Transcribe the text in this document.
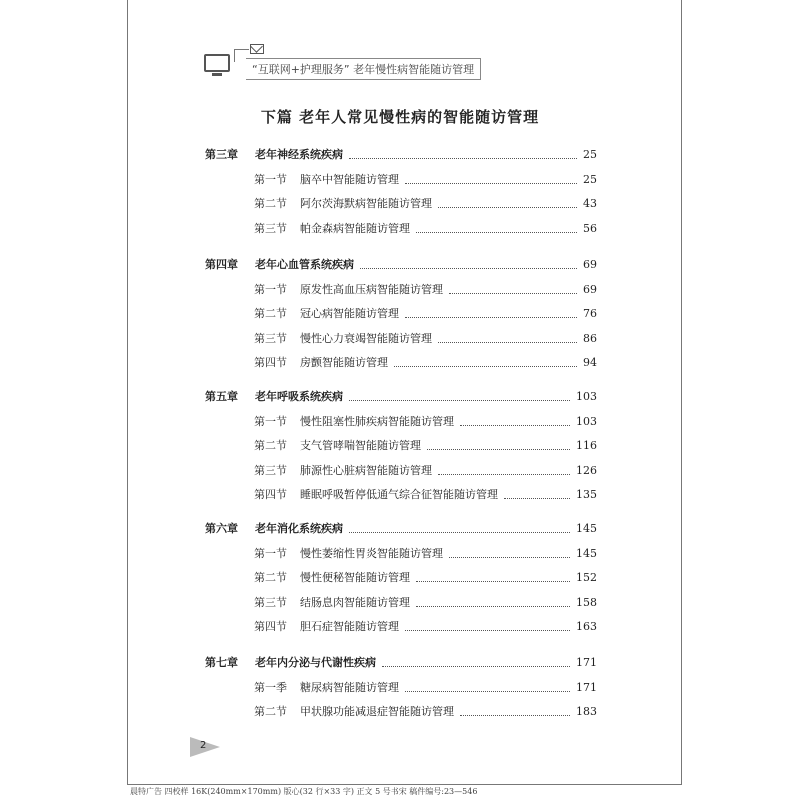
“互联网+护理服务” 老年慢性病智能随访管理
下篇 老年人常见慢性病的智能随访管理
第三章	老年神经系统疾病	25
第一节	脑卒中智能随访管理	25
第二节	阿尔茨海默病智能随访管理	43
第三节	帕金森病智能随访管理	56
第四章	老年心血管系统疾病	69
第一节	原发性高血压病智能随访管理	69
第二节	冠心病智能随访管理	76
第三节	慢性心力衰竭智能随访管理	86
第四节	房颤智能随访管理	94
第五章	老年呼吸系统疾病	103
第一节	慢性阻塞性肺疾病智能随访管理	103
第二节	支气管哮喘智能随访管理	116
第三节	肺源性心脏病智能随访管理	126
第四节	睡眠呼吸暂停低通气综合征智能随访管理	135
第六章	老年消化系统疾病	145
第一节	慢性萎缩性胃炎智能随访管理	145
第二节	慢性便秘智能随访管理	152
第三节	结肠息肉智能随访管理	158
第四节	胆石症智能随访管理	163
第七章	老年内分泌与代谢性疾病	171
第一季	糖尿病智能随访管理	171
第二节	甲状腺功能减退症智能随访管理	183
2
晨特广告 四校样 16K(240mm×170mm) 版心(32 行×33 字) 正文 5 号书宋 稿件编号:23—546
